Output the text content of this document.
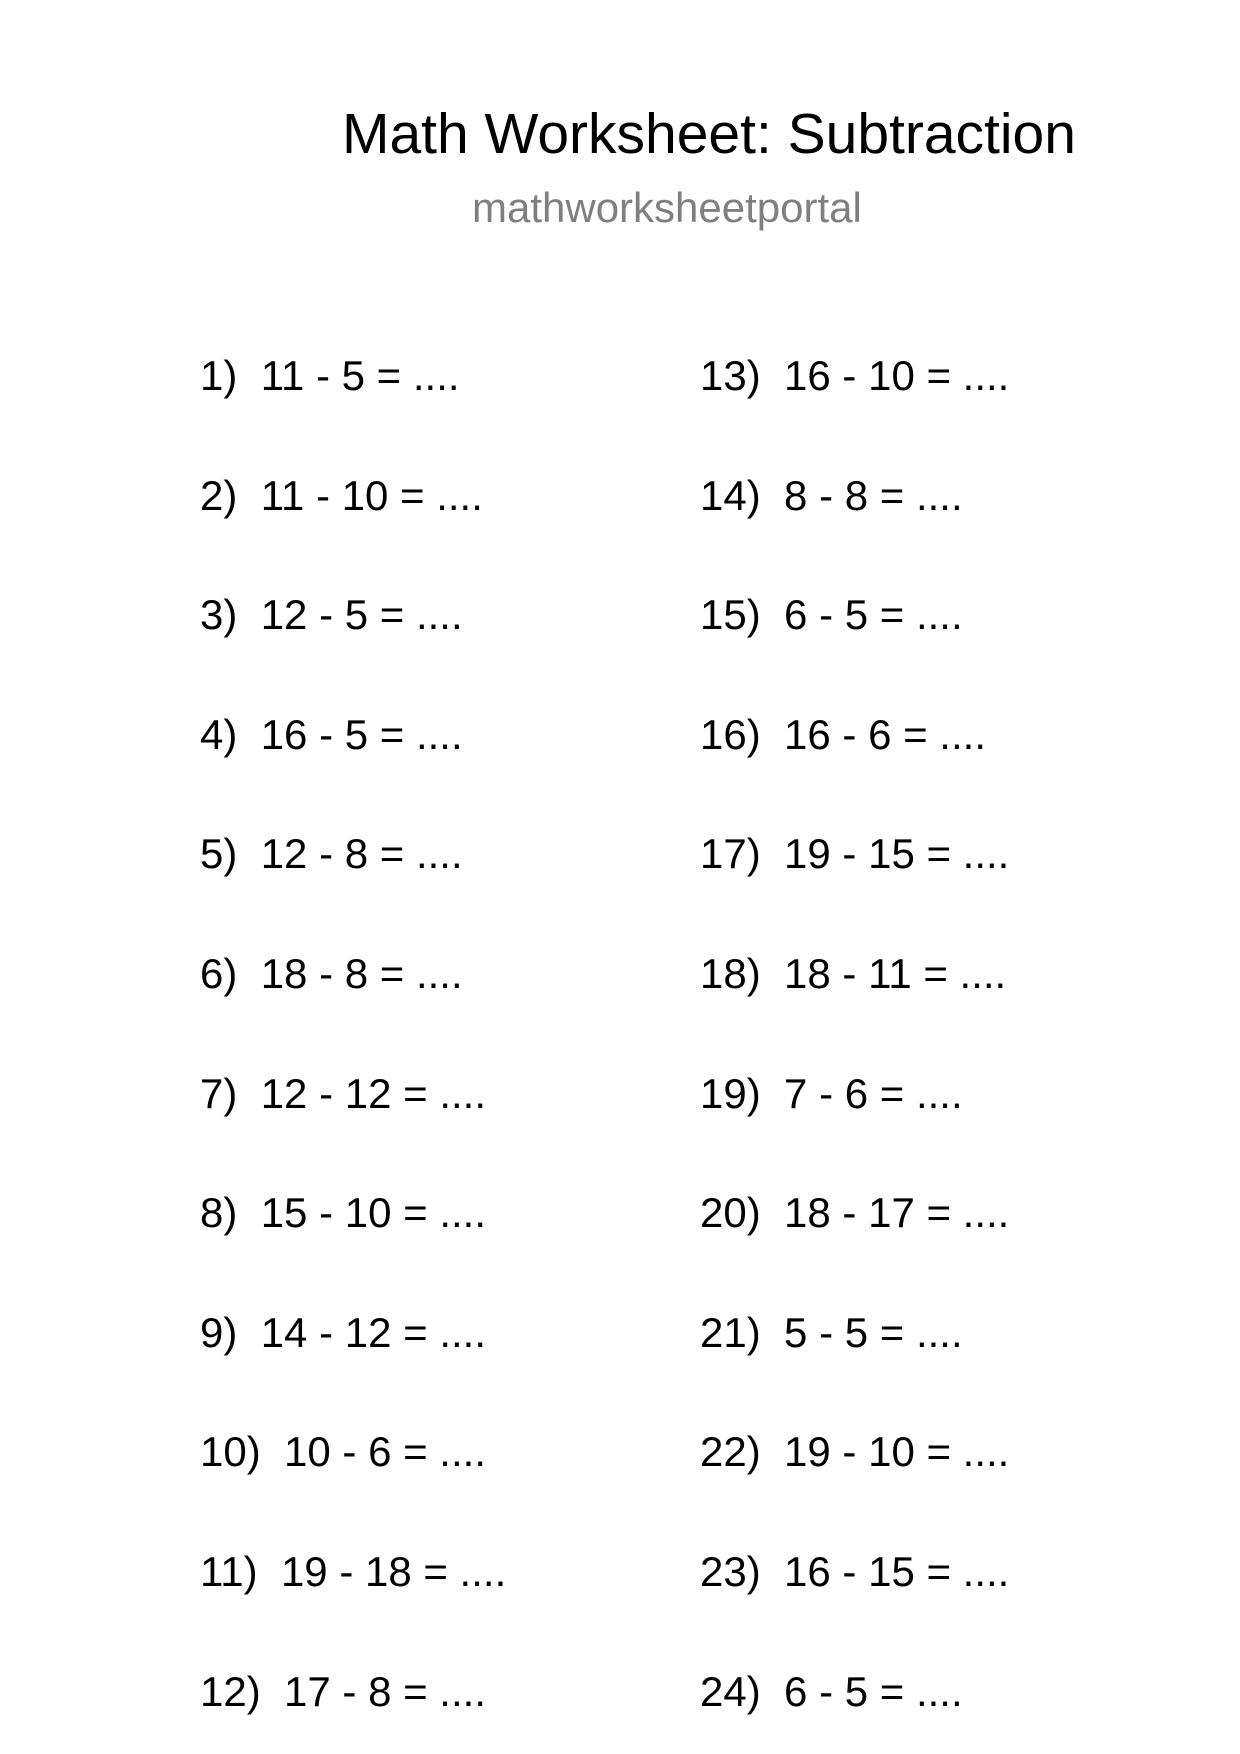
Math Worksheet: Subtraction
mathworksheetportal
1) 11 - 5 = ....
2) 11 - 10 = ....
3) 12 - 5 = ....
4) 16 - 5 = ....
5) 12 - 8 = ....
6) 18 - 8 = ....
7) 12 - 12 = ....
8) 15 - 10 = ....
9) 14 - 12 = ....
10) 10 - 6 = ....
11) 19 - 18 = ....
12) 17 - 8 = ....
13) 16 - 10 = ....
14) 8 - 8 = ....
15) 6 - 5 = ....
16) 16 - 6 = ....
17) 19 - 15 = ....
18) 18 - 11 = ....
19) 7 - 6 = ....
20) 18 - 17 = ....
21) 5 - 5 = ....
22) 19 - 10 = ....
23) 16 - 15 = ....
24) 6 - 5 = ....
